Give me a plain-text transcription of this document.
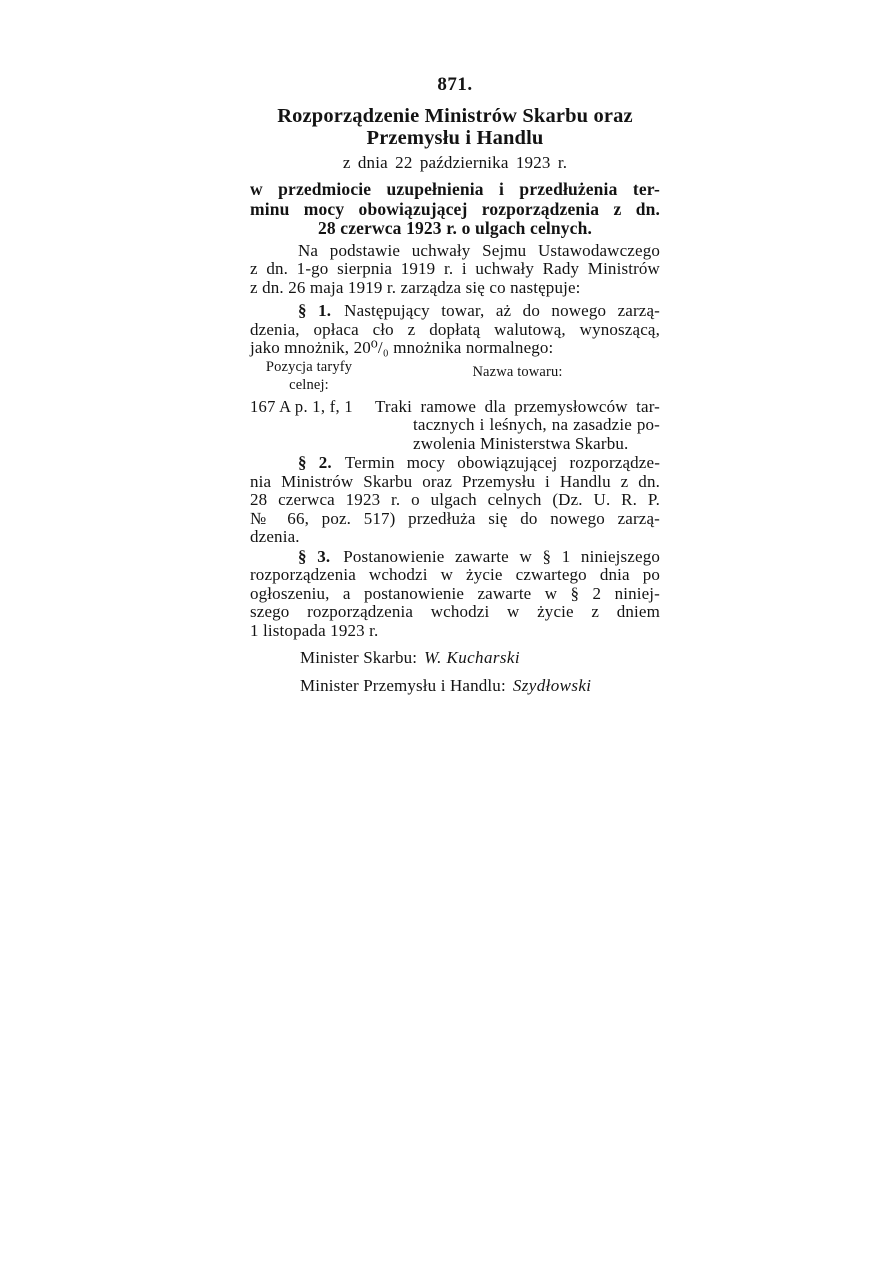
871.
Rozporządzenie Ministrów Skarbu oraz
Przemysłu i Handlu
z dnia 22 października 1923 r.
w przedmiocie uzupełnienia i przedłużenia ter-
minu mocy obowiązującej rozporządzenia z dn.
28 czerwca 1923 r. o ulgach celnych.
Na podstawie uchwały Sejmu Ustawodawczego
z dn. 1-go sierpnia 1919 r. i uchwały Rady Ministrów
z dn. 26 maja 1919 r. zarządza się co następuje:
§ 1. Następujący towar, aż do nowego zarzą-
dzenia, opłaca cło z dopłatą walutową, wynoszącą,
jako mnożnik, 20⁰/₀ mnożnika normalnego:
Pozycja taryfy
celnej:
Nazwa towaru:
167 A p. 1, f, 1	Traki ramowe dla przemysłowców tar-
tacznych i leśnych, na zasadzie po-
zwolenia Ministerstwa Skarbu.
§ 2. Termin mocy obowiązującej rozporządze-
nia Ministrów Skarbu oraz Przemysłu i Handlu z dn.
28 czerwca 1923 r. o ulgach celnych (Dz. U. R. P.
№ 66, poz. 517) przedłuża się do nowego zarzą-
dzenia.
§ 3. Postanowienie zawarte w § 1 niniejszego
rozporządzenia wchodzi w życie czwartego dnia po
ogłoszeniu, a postanowienie zawarte w § 2 niniej-
szego rozporządzenia wchodzi w życie z dniem
1 listopada 1923 r.
Minister Skarbu: W. Kucharski
Minister Przemysłu i Handlu: Szydłowski
